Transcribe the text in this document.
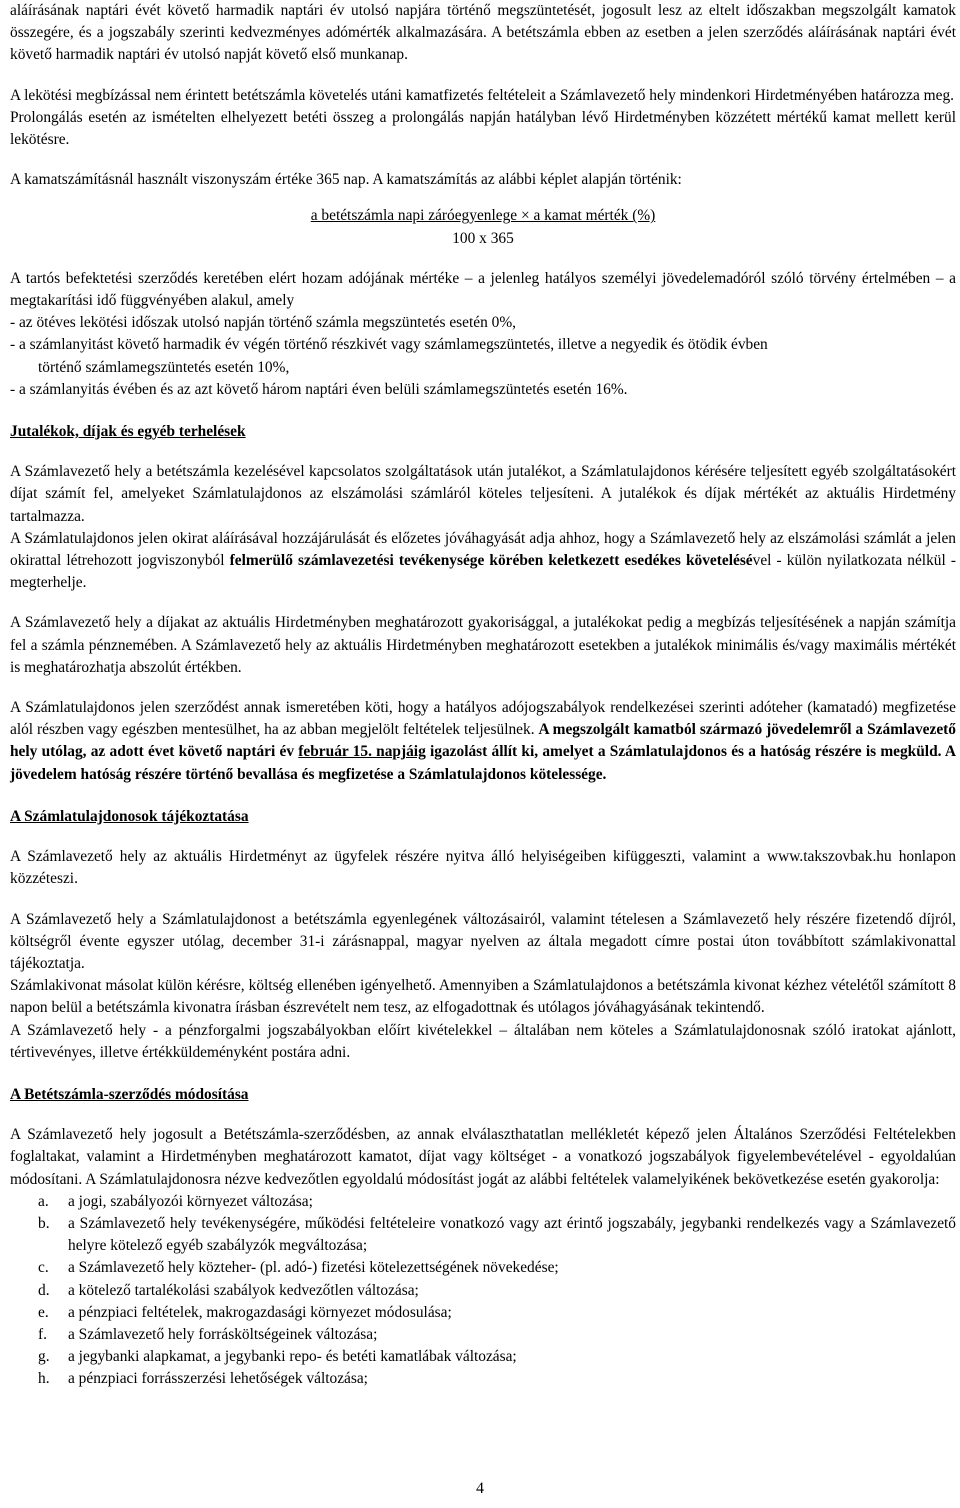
aláírásának naptári évét követő harmadik naptári év utolsó napjára történő megszüntetését, jogosult lesz az eltelt időszakban megszolgált kamatok összegére, és a jogszabály szerinti kedvezményes adómérték alkalmazására. A betétszámla ebben az esetben a jelen szerződés aláírásának naptári évét követő harmadik naptári év utolsó napját követő első munkanap.

A lekötési megbízással nem érintett betétszámla követelés utáni kamatfizetés feltételeit a Számlavezető hely mindenkori Hirdetményében határozza meg.

Prolongálás esetén az ismételten elhelyezett betéti összeg a prolongálás napján hatályban lévő Hirdetményben közzétett mértékű kamat mellett kerül lekötésre.

A kamatszámításnál használt viszonyszám értéke 365 nap. A kamatszámítás az alábbi képlet alapján történik:

a betétszámla napi záróegyenlege × a kamat mérték (%)
100 x 365

A tartós befektetési szerződés keretében elért hozam adójának mértéke – a jelenleg hatályos személyi jövedelemadóról szóló törvény értelmében – a megtakarítási idő függvényében alakul, amely

- az ötéves lekötési időszak utolsó napján történő számla megszüntetés esetén 0%,
- a számlanyitást követő harmadik év végén történő részkivét vagy számlamegszüntetés, illetve a negyedik és ötödik évben
történő számlamegszüntetés esetén 10%,
- a számlanyitás évében és az azt követő három naptári éven belüli számlamegszüntetés esetén 16%.
Jutalékok, díjak és egyéb terhelések

A Számlavezető hely a betétszámla kezelésével kapcsolatos szolgáltatások után jutalékot, a Számlatulajdonos kérésére teljesített egyéb szolgáltatásokért díjat számít fel, amelyeket Számlatulajdonos az elszámolási számláról köteles teljesíteni. A jutalékok és díjak mértékét az aktuális Hirdetmény tartalmazza.

A Számlatulajdonos jelen okirat aláírásával hozzájárulását és előzetes jóváhagyását adja ahhoz, hogy a Számlavezető hely az elszámolási számlát a jelen okirattal létrehozott jogviszonyból felmerülő számlavezetési tevékenysége körében keletkezett esedékes követelésével - külön nyilatkozata nélkül - megterhelje.

A Számlavezető hely a díjakat az aktuális Hirdetményben meghatározott gyakorisággal, a jutalékokat pedig a megbízás teljesítésének a napján számítja fel a számla pénznemében. A Számlavezető hely az aktuális Hirdetményben meghatározott esetekben a jutalékok minimális és/vagy maximális mértékét is meghatározhatja abszolút értékben.

A Számlatulajdonos jelen szerződést annak ismeretében köti, hogy a hatályos adójogszabályok rendelkezései szerinti adóteher (kamatadó) megfizetése alól részben vagy egészben mentesülhet, ha az abban megjelölt feltételek teljesülnek. A megszolgált kamatból származó jövedelemről a Számlavezető hely utólag, az adott évet követő naptári év február 15. napjáig igazolást állít ki, amelyet a Számlatulajdonos és a hatóság részére is megküld. A jövedelem hatóság részére történő bevallása és megfizetése a Számlatulajdonos kötelessége.

A Számlatulajdonosok tájékoztatása

A Számlavezető hely az aktuális Hirdetményt az ügyfelek részére nyitva álló helyiségeiben kifüggeszti, valamint a www.takszovbak.hu honlapon közzéteszi.

A Számlavezető hely a Számlatulajdonost a betétszámla egyenlegének változásairól, valamint tételesen a Számlavezető hely részére fizetendő díjról, költségről évente egyszer utólag, december 31-i zárásnappal, magyar nyelven az általa megadott címre postai úton továbbított számlakivonattal tájékoztatja.

Számlakivonat másolat külön kérésre, költség ellenében igényelhető. Amennyiben a Számlatulajdonos a betétszámla kivonat kézhez vételétől számított 8 napon belül a betétszámla kivonatra írásban észrevételt nem tesz, az elfogadottnak és utólagos jóváhagyásának tekintendő.

A Számlavezető hely - a pénzforgalmi jogszabályokban előírt kivételekkel – általában nem köteles a Számlatulajdonosnak szóló iratokat ajánlott, tértivevényes, illetve értékküldeményként postára adni.

A Betétszámla-szerződés módosítása

A Számlavezető hely jogosult a Betétszámla-szerződésben, az annak elválaszthatatlan mellékletét képező jelen Általános Szerződési Feltételekben foglaltakat, valamint a Hirdetményben meghatározott kamatot, díjat vagy költséget - a vonatkozó jogszabályok figyelembevételével - egyoldalúan módosítani. A Számlatulajdonosra nézve kedvezőtlen egyoldalú módosítást jogát az alábbi feltételek valamelyikének bekövetkezése esetén gyakorolja:

a.	a jogi, szabályozói környezet változása;
b.	a Számlavezető hely tevékenységére, működési feltételeire vonatkozó vagy azt érintő jogszabály, jegybanki rendelkezés vagy a Számlavezető helyre kötelező egyéb szabályzók megváltozása;
c.	a Számlavezető hely közteher- (pl. adó-) fizetési kötelezettségének növekedése;
d.	a kötelező tartalékolási szabályok kedvezőtlen változása;
e.	a pénzpiaci feltételek, makrogazdasági környezet módosulása;
f.	a Számlavezető hely forrásköltségeinek változása;
g.	a jegybanki alapkamat, a jegybanki repo- és betéti kamatlábak változása;
h.	a pénzpiaci forrásszerzési lehetőségek változása;
4
